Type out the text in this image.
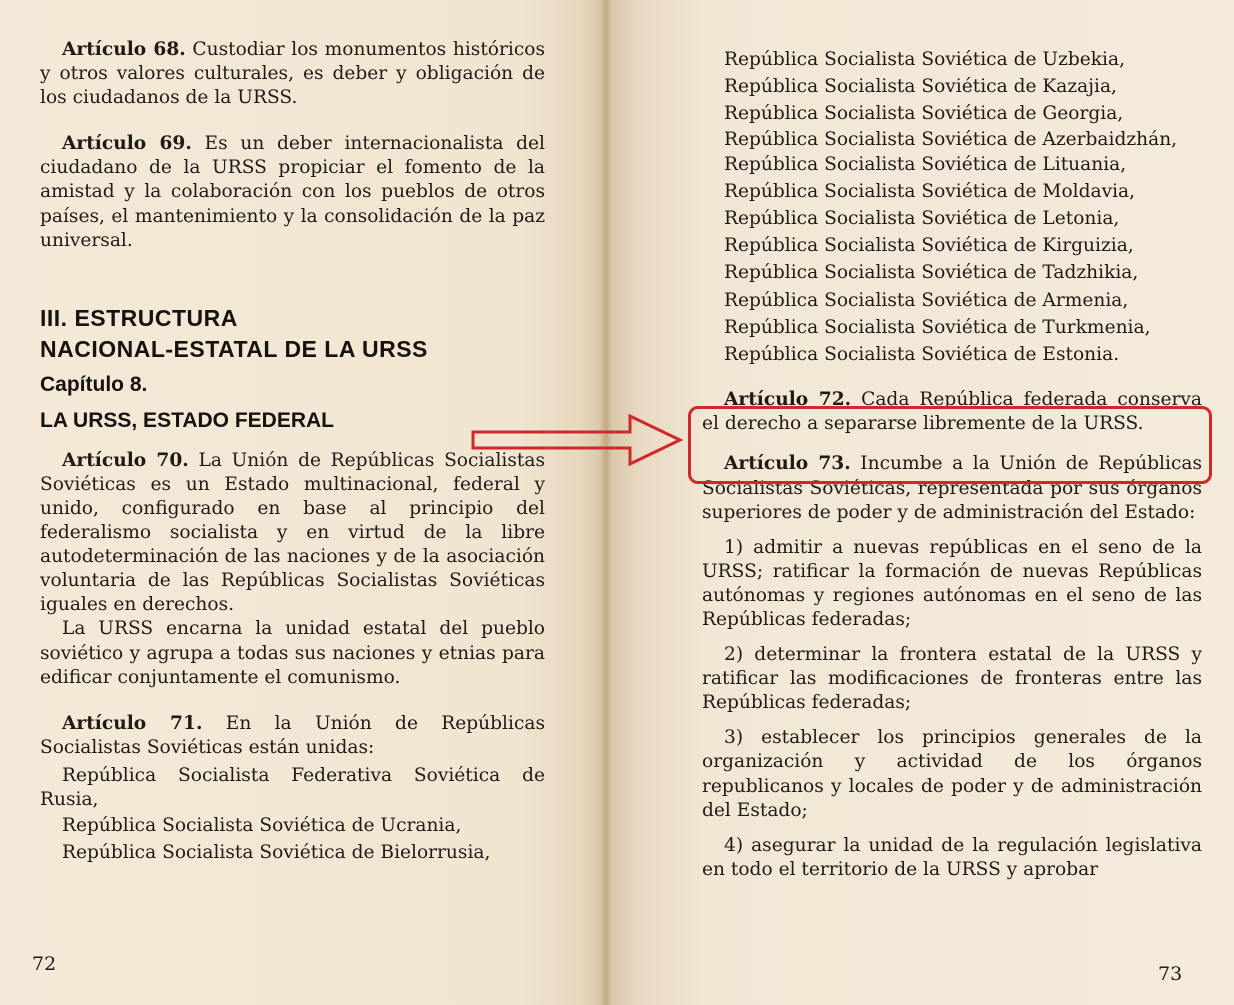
Artículo 68. Custodiar los monumentos históricos y otros valores culturales, es deber y obligación de los ciudadanos de la URSS.

Artículo 69. Es un deber internacionalista del ciudadano de la URSS propiciar el fomento de la amistad y la colaboración con los pueblos de otros países, el mantenimiento y la consolidación de la paz universal.

III. ESTRUCTURA
NACIONAL-ESTATAL DE LA URSS
Capítulo 8.
LA URSS, ESTADO FEDERAL

Artículo 70. La Unión de Repúblicas Socialistas Soviéticas es un Estado multinacional, federal y unido, configurado en base al principio del federalismo socialista y en virtud de la libre autodeterminación de las naciones y de la asociación voluntaria de las Repúblicas Socialistas Soviéticas iguales en derechos.

La URSS encarna la unidad estatal del pueblo soviético y agrupa a todas sus naciones y etnias para edificar conjuntamente el comunismo.

Artículo 71. En la Unión de Repúblicas Socialistas Soviéticas están unidas:

República Socialista Federativa Soviética de Rusia,

República Socialista Soviética de Ucrania,

República Socialista Soviética de Bielorrusia,

72	73

República Socialista Soviética de Uzbekia,

República Socialista Soviética de Kazajia,

República Socialista Soviética de Georgia,

República Socialista Soviética de Azerbaidzhán,

República Socialista Soviética de Lituania,

República Socialista Soviética de Moldavia,

República Socialista Soviética de Letonia,

República Socialista Soviética de Kirguizia,

República Socialista Soviética de Tadzhikia,

República Socialista Soviética de Armenia,

República Socialista Soviética de Turkmenia,

República Socialista Soviética de Estonia.

Artículo 72. Cada República federada conserva el derecho a separarse libremente de la URSS.

Artículo 73. Incumbe a la Unión de Repúblicas Socialistas Soviéticas, representada por sus órganos superiores de poder y de administración del Estado:

1) admitir a nuevas repúblicas en el seno de la URSS; ratificar la formación de nuevas Repúblicas autónomas y regiones autónomas en el seno de las Repúblicas federadas;

2) determinar la frontera estatal de la URSS y ratificar las modificaciones de fronteras entre las Repúblicas federadas;

3) establecer los principios generales de la organización y actividad de los órganos republicanos y locales de poder y de administración del Estado;

4) asegurar la unidad de la regulación legislativa en todo el territorio de la URSS y aprobar
